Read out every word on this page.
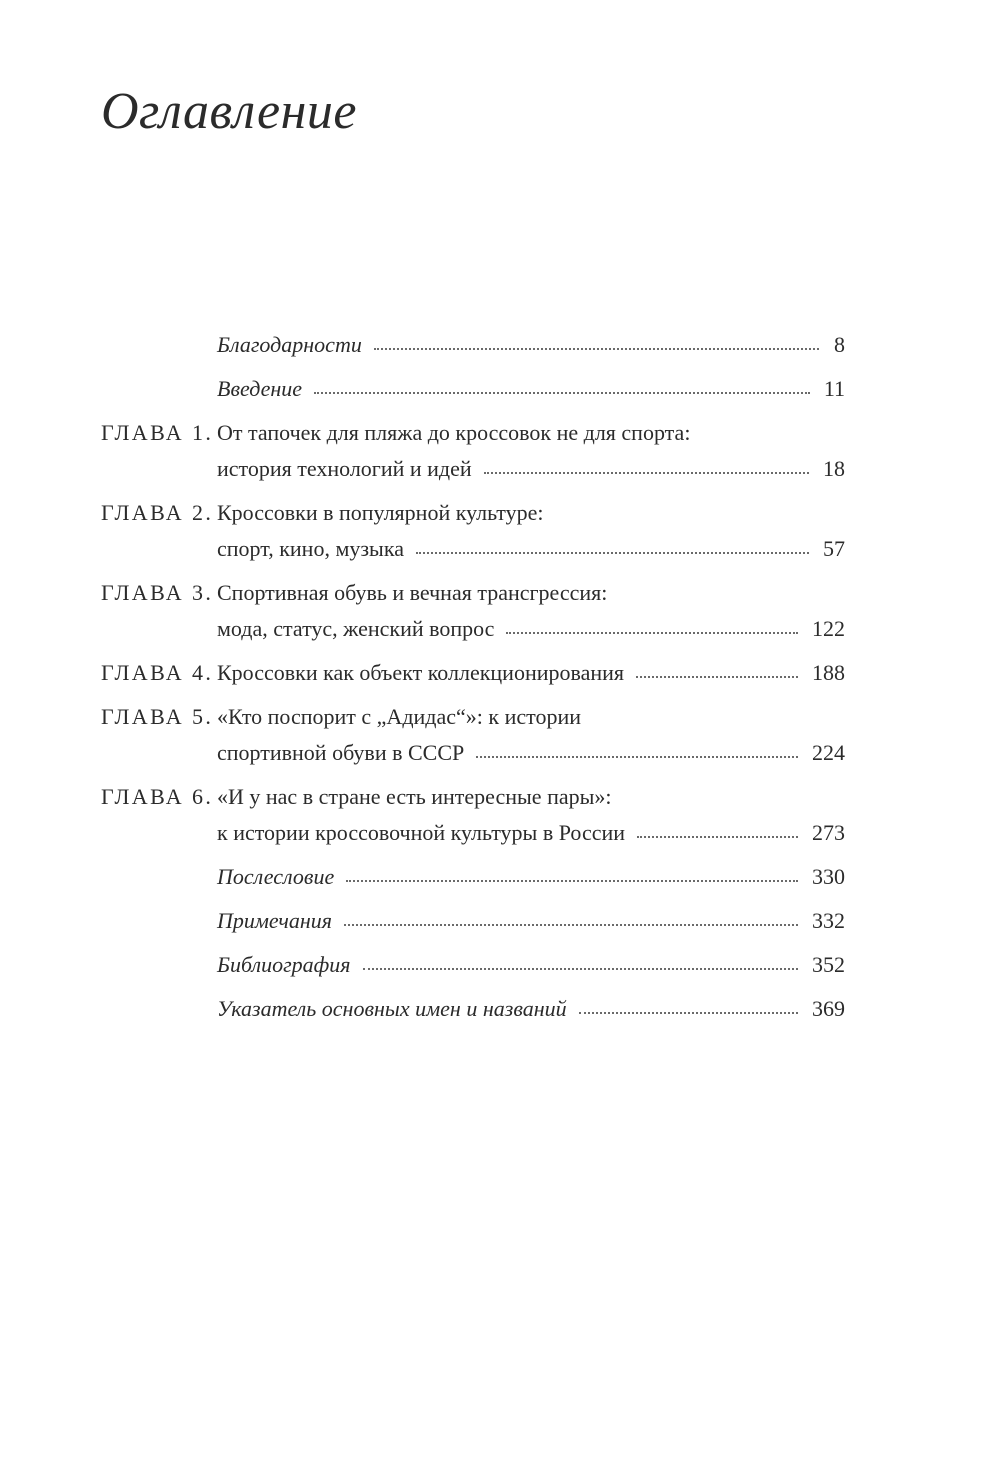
Оглавление
Благодарности	8
Введение	11
ГЛАВА 1. От тапочек для пляжа до кроссовок не для спорта:
история технологий и идей	18
ГЛАВА 2. Кроссовки в популярной культуре:
спорт, кино, музыка	57
ГЛАВА 3. Спортивная обувь и вечная трансгрессия:
мода, статус, женский вопрос	122
ГЛАВА 4. Кроссовки как объект коллекционирования	188
ГЛАВА 5. «Кто поспорит с „Адидас“»: к истории
спортивной обуви в СССР	224
ГЛАВА 6. «И у нас в стране есть интересные пары»:
к истории кроссовочной культуры в России	273
Послесловие	330
Примечания	332
Библиография	352
Указатель основных имен и названий	369
